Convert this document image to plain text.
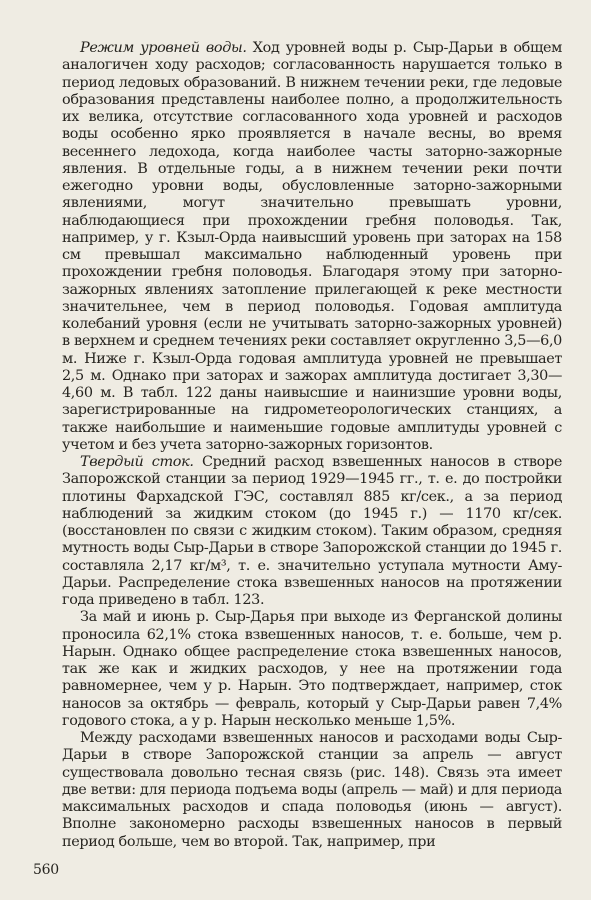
Режим уровней воды. Ход уровней воды р. Сыр-Дарьи в общем аналогичен ходу расходов; согласованность нарушается только в период ледовых образований. В нижнем течении реки, где ледовые образования представлены наиболее полно, а продолжительность их велика, отсутствие согласованного хода уровней и расходов воды особенно ярко проявляется в начале весны, во время весеннего ледохода, когда наиболее часты заторно-зажорные явления. В отдельные годы, а в нижнем течении реки почти ежегодно уровни воды, обусловленные заторно-зажорными явлениями, могут значительно превышать уровни, наблюдающиеся при прохождении гребня половодья. Так, например, у г. Кзыл-Орда наивысший уровень при заторах на 158 см превышал максимально наблюденный уровень при прохождении гребня половодья. Благодаря этому при заторно-зажорных явлениях затопление прилегающей к реке местности значительнее, чем в период половодья. Годовая амплитуда колебаний уровня (если не учитывать заторно-зажорных уровней) в верхнем и среднем течениях реки составляет округленно 3,5—6,0 м. Ниже г. Кзыл-Орда годовая амплитуда уровней не превышает 2,5 м. Однако при заторах и зажорах амплитуда достигает 3,30—4,60 м. В табл. 122 даны наивысшие и наинизшие уровни воды, зарегистрированные на гидрометеорологических станциях, а также наибольшие и наименьшие годовые амплитуды уровней с учетом и без учета заторно-зажорных горизонтов.

Твердый сток. Средний расход взвешенных наносов в створе Запорожской станции за период 1929—1945 гг., т. е. до постройки плотины Фархадской ГЭС, составлял 885 кг/сек., а за период наблюдений за жидким стоком (до 1945 г.) — 1170 кг/сек. (восстановлен по связи с жидким стоком). Таким образом, средняя мутность воды Сыр-Дарьи в створе Запорожской станции до 1945 г. составляла 2,17 кг/м³, т. е. значительно уступала мутности Аму-Дарьи. Распределение стока взвешенных наносов на протяжении года приведено в табл. 123.

За май и июнь р. Сыр-Дарья при выходе из Ферганской долины проносила 62,1% стока взвешенных наносов, т. е. больше, чем р. Нарын. Однако общее распределение стока взвешенных наносов, так же как и жидких расходов, у нее на протяжении года равномернее, чем у р. Нарын. Это подтверждает, например, сток наносов за октябрь — февраль, который у Сыр-Дарьи равен 7,4% годового стока, а у р. Нарын несколько меньше 1,5%.

Между расходами взвешенных наносов и расходами воды Сыр-Дарьи в створе Запорожской станции за апрель — август существовала довольно тесная связь (рис. 148). Связь эта имеет две ветви: для периода подъема воды (апрель — май) и для периода максимальных расходов и спада половодья (июнь — август). Вполне закономерно расходы взвешенных наносов в первый период больше, чем во второй. Так, например, при

560
